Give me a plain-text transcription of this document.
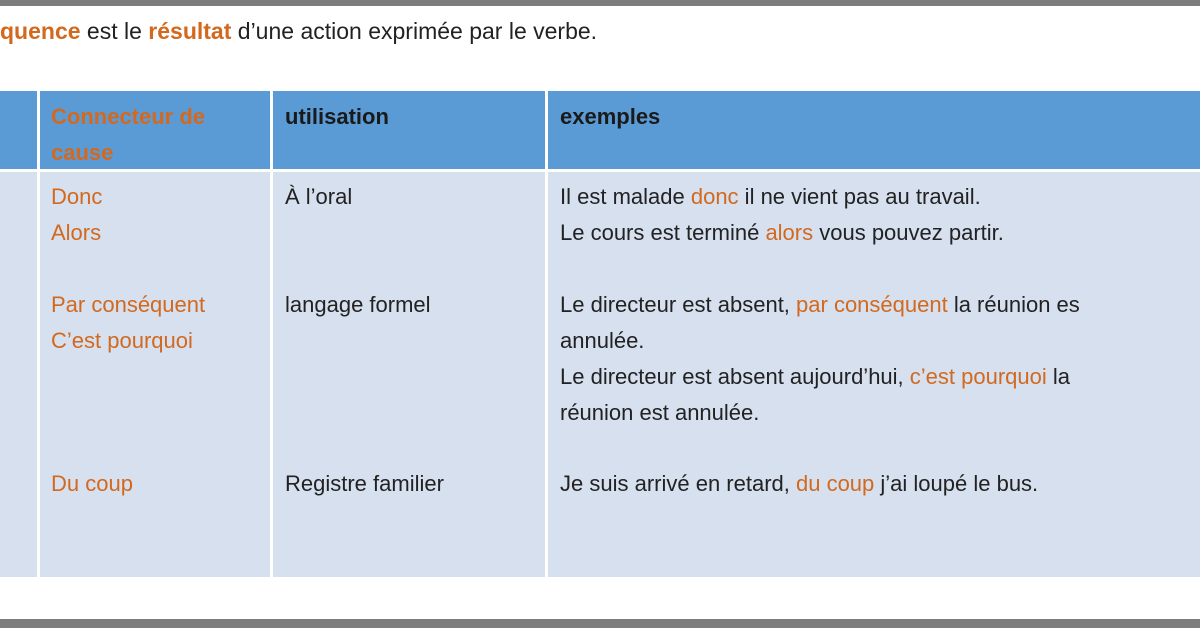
quence est le résultat d’une action exprimée par le verbe.
Connecteur de cause
utilisation	exemples
Donc
Alors
Par conséquent
C’est pourquoi
Du coup
À l’oral
langage formel
Registre familier
Il est malade donc il ne vient pas au travail.
Le cours est terminé alors vous pouvez partir.
Le directeur est absent, par conséquent la réunion es
annulée.
Le directeur est absent aujourd’hui, c’est pourquoi la
réunion est annulée.
Je suis arrivé en retard, du coup j’ai loupé le bus.
